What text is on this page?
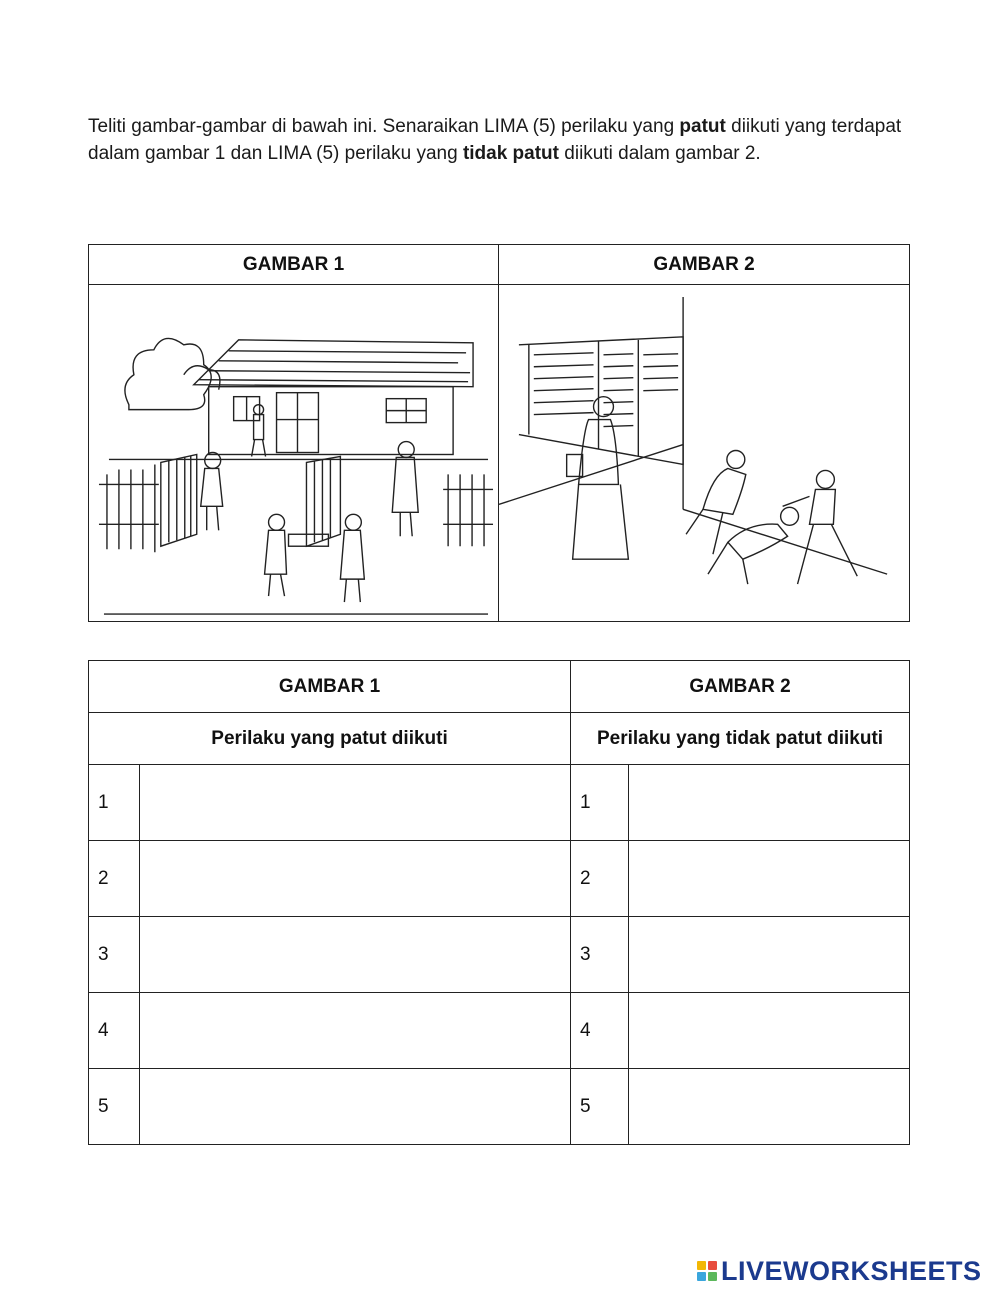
Teliti gambar-gambar di bawah ini. Senaraikan LIMA (5) perilaku yang patut diikuti yang terdapat dalam gambar 1 dan LIMA (5) perilaku yang tidak patut diikuti dalam gambar 2.
GAMBAR 1	GAMBAR 2

GAMBAR 1		GAMBAR 2	
Perilaku yang patut diikuti		Perilaku yang tidak patut diikuti	
1		1	
2		2	
3		3	
4		4	
5		5	
LIVEWORKSHEETS
